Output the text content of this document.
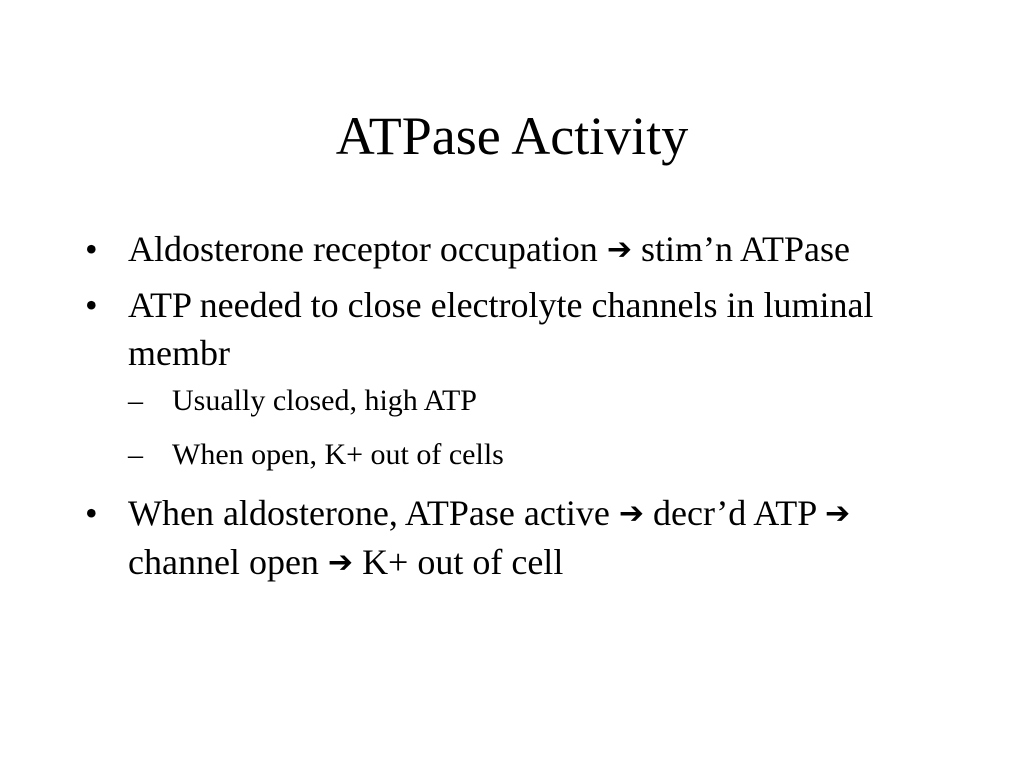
ATPase Activity
• Aldosterone receptor occupation ➔ stim’n ATPase
• ATP needed to close electrolyte channels in luminal membr
– Usually closed, high ATP
– When open, K+ out of cells
• When aldosterone, ATPase active ➔ decr’d ATP ➔ channel open ➔ K+ out of cell
